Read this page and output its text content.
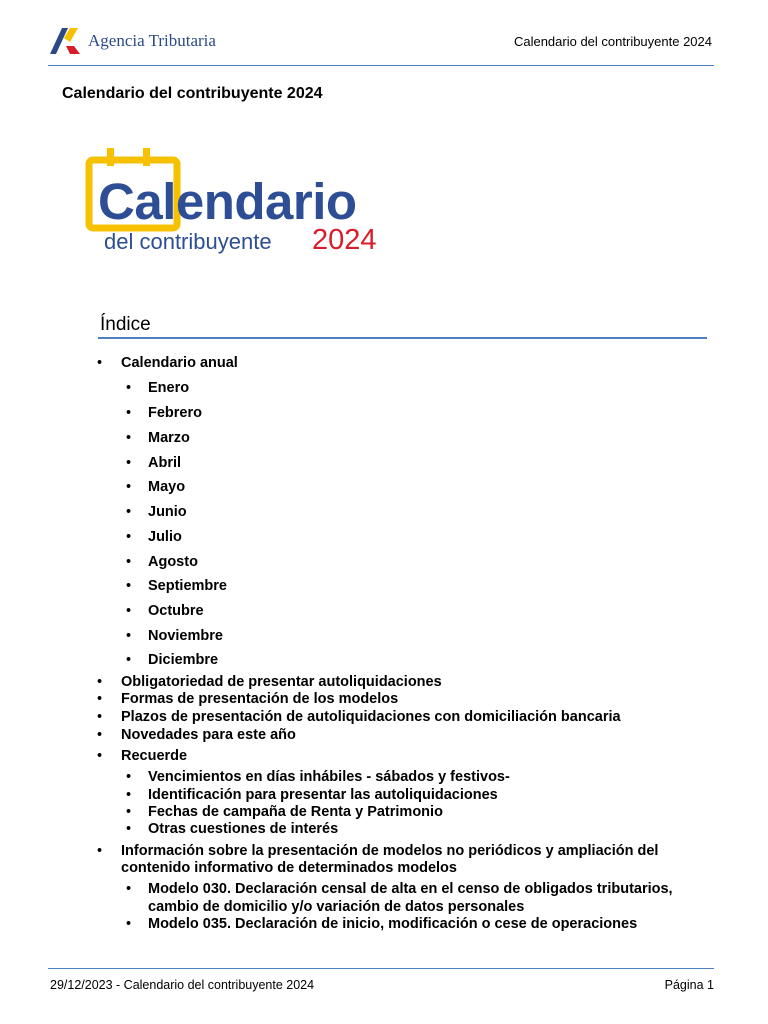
Agencia Tributaria	Calendario del contribuyente 2024
Calendario del contribuyente 2024
Calendario
del contribuyente 2024
Índice
• Calendario anual
• Enero
• Febrero
• Marzo
• Abril
• Mayo
• Junio
• Julio
• Agosto
• Septiembre
• Octubre
• Noviembre
• Diciembre
• Obligatoriedad de presentar autoliquidaciones
• Formas de presentación de los modelos
• Plazos de presentación de autoliquidaciones con domiciliación bancaria
• Novedades para este año
• Recuerde
• Vencimientos en días inhábiles - sábados y festivos-
• Identificación para presentar las autoliquidaciones
• Fechas de campaña de Renta y Patrimonio
• Otras cuestiones de interés
• Información sobre la presentación de modelos no periódicos y ampliación del
contenido informativo de determinados modelos
• Modelo 030. Declaración censal de alta en el censo de obligados tributarios,
cambio de domicilio y/o variación de datos personales
• Modelo 035. Declaración de inicio, modificación o cese de operaciones
29/12/2023 - Calendario del contribuyente 2024	Página 1
